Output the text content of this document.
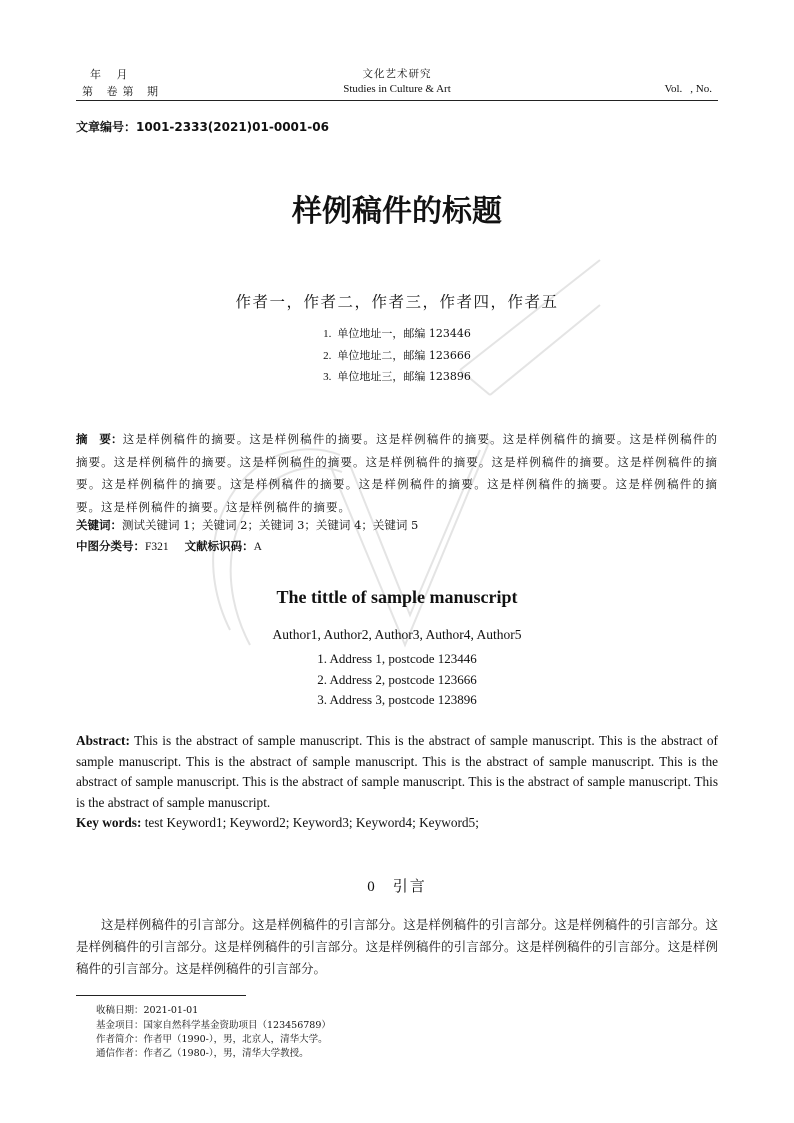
年 月
第 卷第 期
文化艺术研究
Studies in Culture & Art	Vol. , No.
文章编号：1001-2333(2021)01-0001-06
样例稿件的标题
作者一，作者二，作者三，作者四，作者五
1. 单位地址一，邮编 123446
2. 单位地址二，邮编 123666
3. 单位地址三，邮编 123896
摘　要：这是样例稿件的摘要。这是样例稿件的摘要。这是样例稿件的摘要。这是样例稿件的摘要。这是样例稿件的摘要。这是样例稿件的摘要。这是样例稿件的摘要。这是样例稿件的摘要。这是样例稿件的摘要。这是样例稿件的摘要。这是样例稿件的摘要。这是样例稿件的摘要。这是样例稿件的摘要。这是样例稿件的摘要。这是样例稿件的摘要。这是样例稿件的摘要。这是样例稿件的摘要。
关键词：测试关键词 1；关键词 2；关键词 3；关键词 4；关键词 5
中图分类号：F321 文献标识码：A
The tittle of sample manuscript
Author1, Author2, Author3, Author4, Author5
1. Address 1, postcode 123446
2. Address 2, postcode 123666
3. Address 3, postcode 123896
Abstract: This is the abstract of sample manuscript. This is the abstract of sample manuscript. This is the abstract of sample manuscript. This is the abstract of sample manuscript. This is the abstract of sample manuscript. This is the abstract of sample manuscript. This is the abstract of sample manuscript. This is the abstract of sample manuscript. This is the abstract of sample manuscript.
Key words: test Keyword1; Keyword2; Keyword3; Keyword4; Keyword5;
0 引言
这是样例稿件的引言部分。这是样例稿件的引言部分。这是样例稿件的引言部分。这是样例稿件的引言部分。这是样例稿件的引言部分。这是样例稿件的引言部分。这是样例稿件的引言部分。这是样例稿件的引言部分。这是样例稿件的引言部分。这是样例稿件的引言部分。
收稿日期：2021-01-01
基金项目：国家自然科学基金资助项目（123456789）
作者简介：作者甲（1990-），男，北京人，清华大学。
通信作者：作者乙（1980-），男，清华大学教授。
